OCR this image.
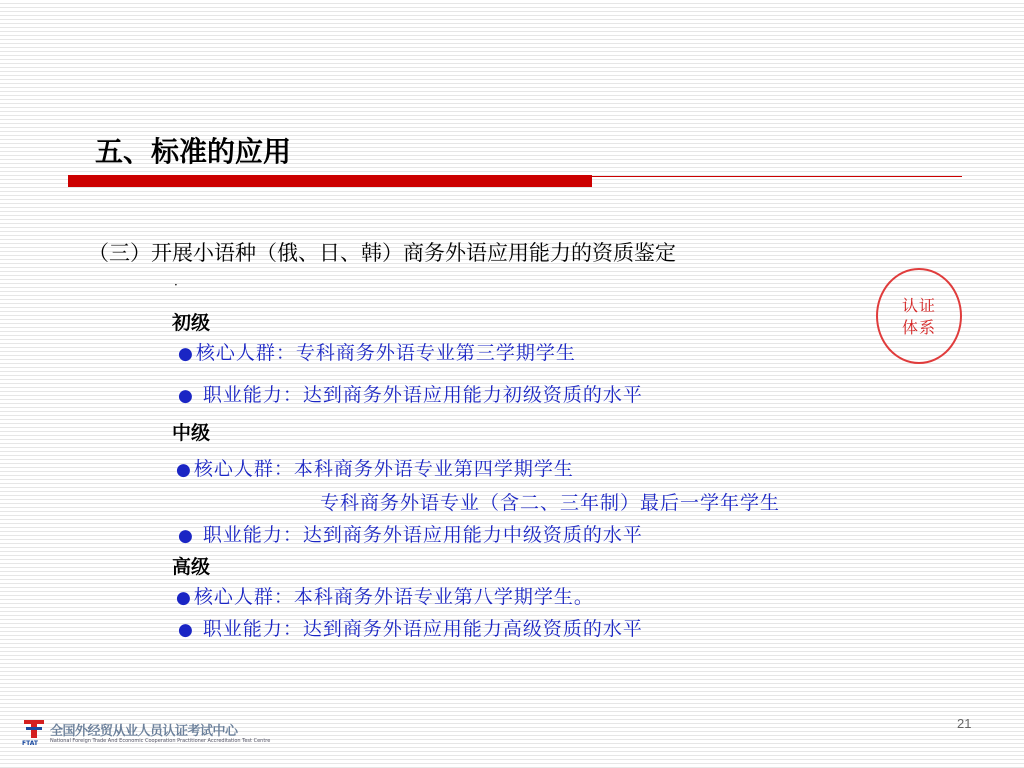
五、标准的应用
（三）开展小语种（俄、日、韩）商务外语应用能力的资质鉴定
·
认证
体系
初级
● 核心人群：专科商务外语专业第三学期学生
● 职业能力：达到商务外语应用能力初级资质的水平
中级
● 核心人群：本科商务外语专业第四学期学生
专科商务外语专业（含二、三年制）最后一学年学生
● 职业能力：达到商务外语应用能力中级资质的水平
高级
● 核心人群：本科商务外语专业第八学期学生。
● 职业能力：达到商务外语应用能力高级资质的水平
全国外经贸从业人员认证考试中心
National Foreign Trade And Economic Cooperation Practitioner Accreditation Test Centre
FTAT
21
